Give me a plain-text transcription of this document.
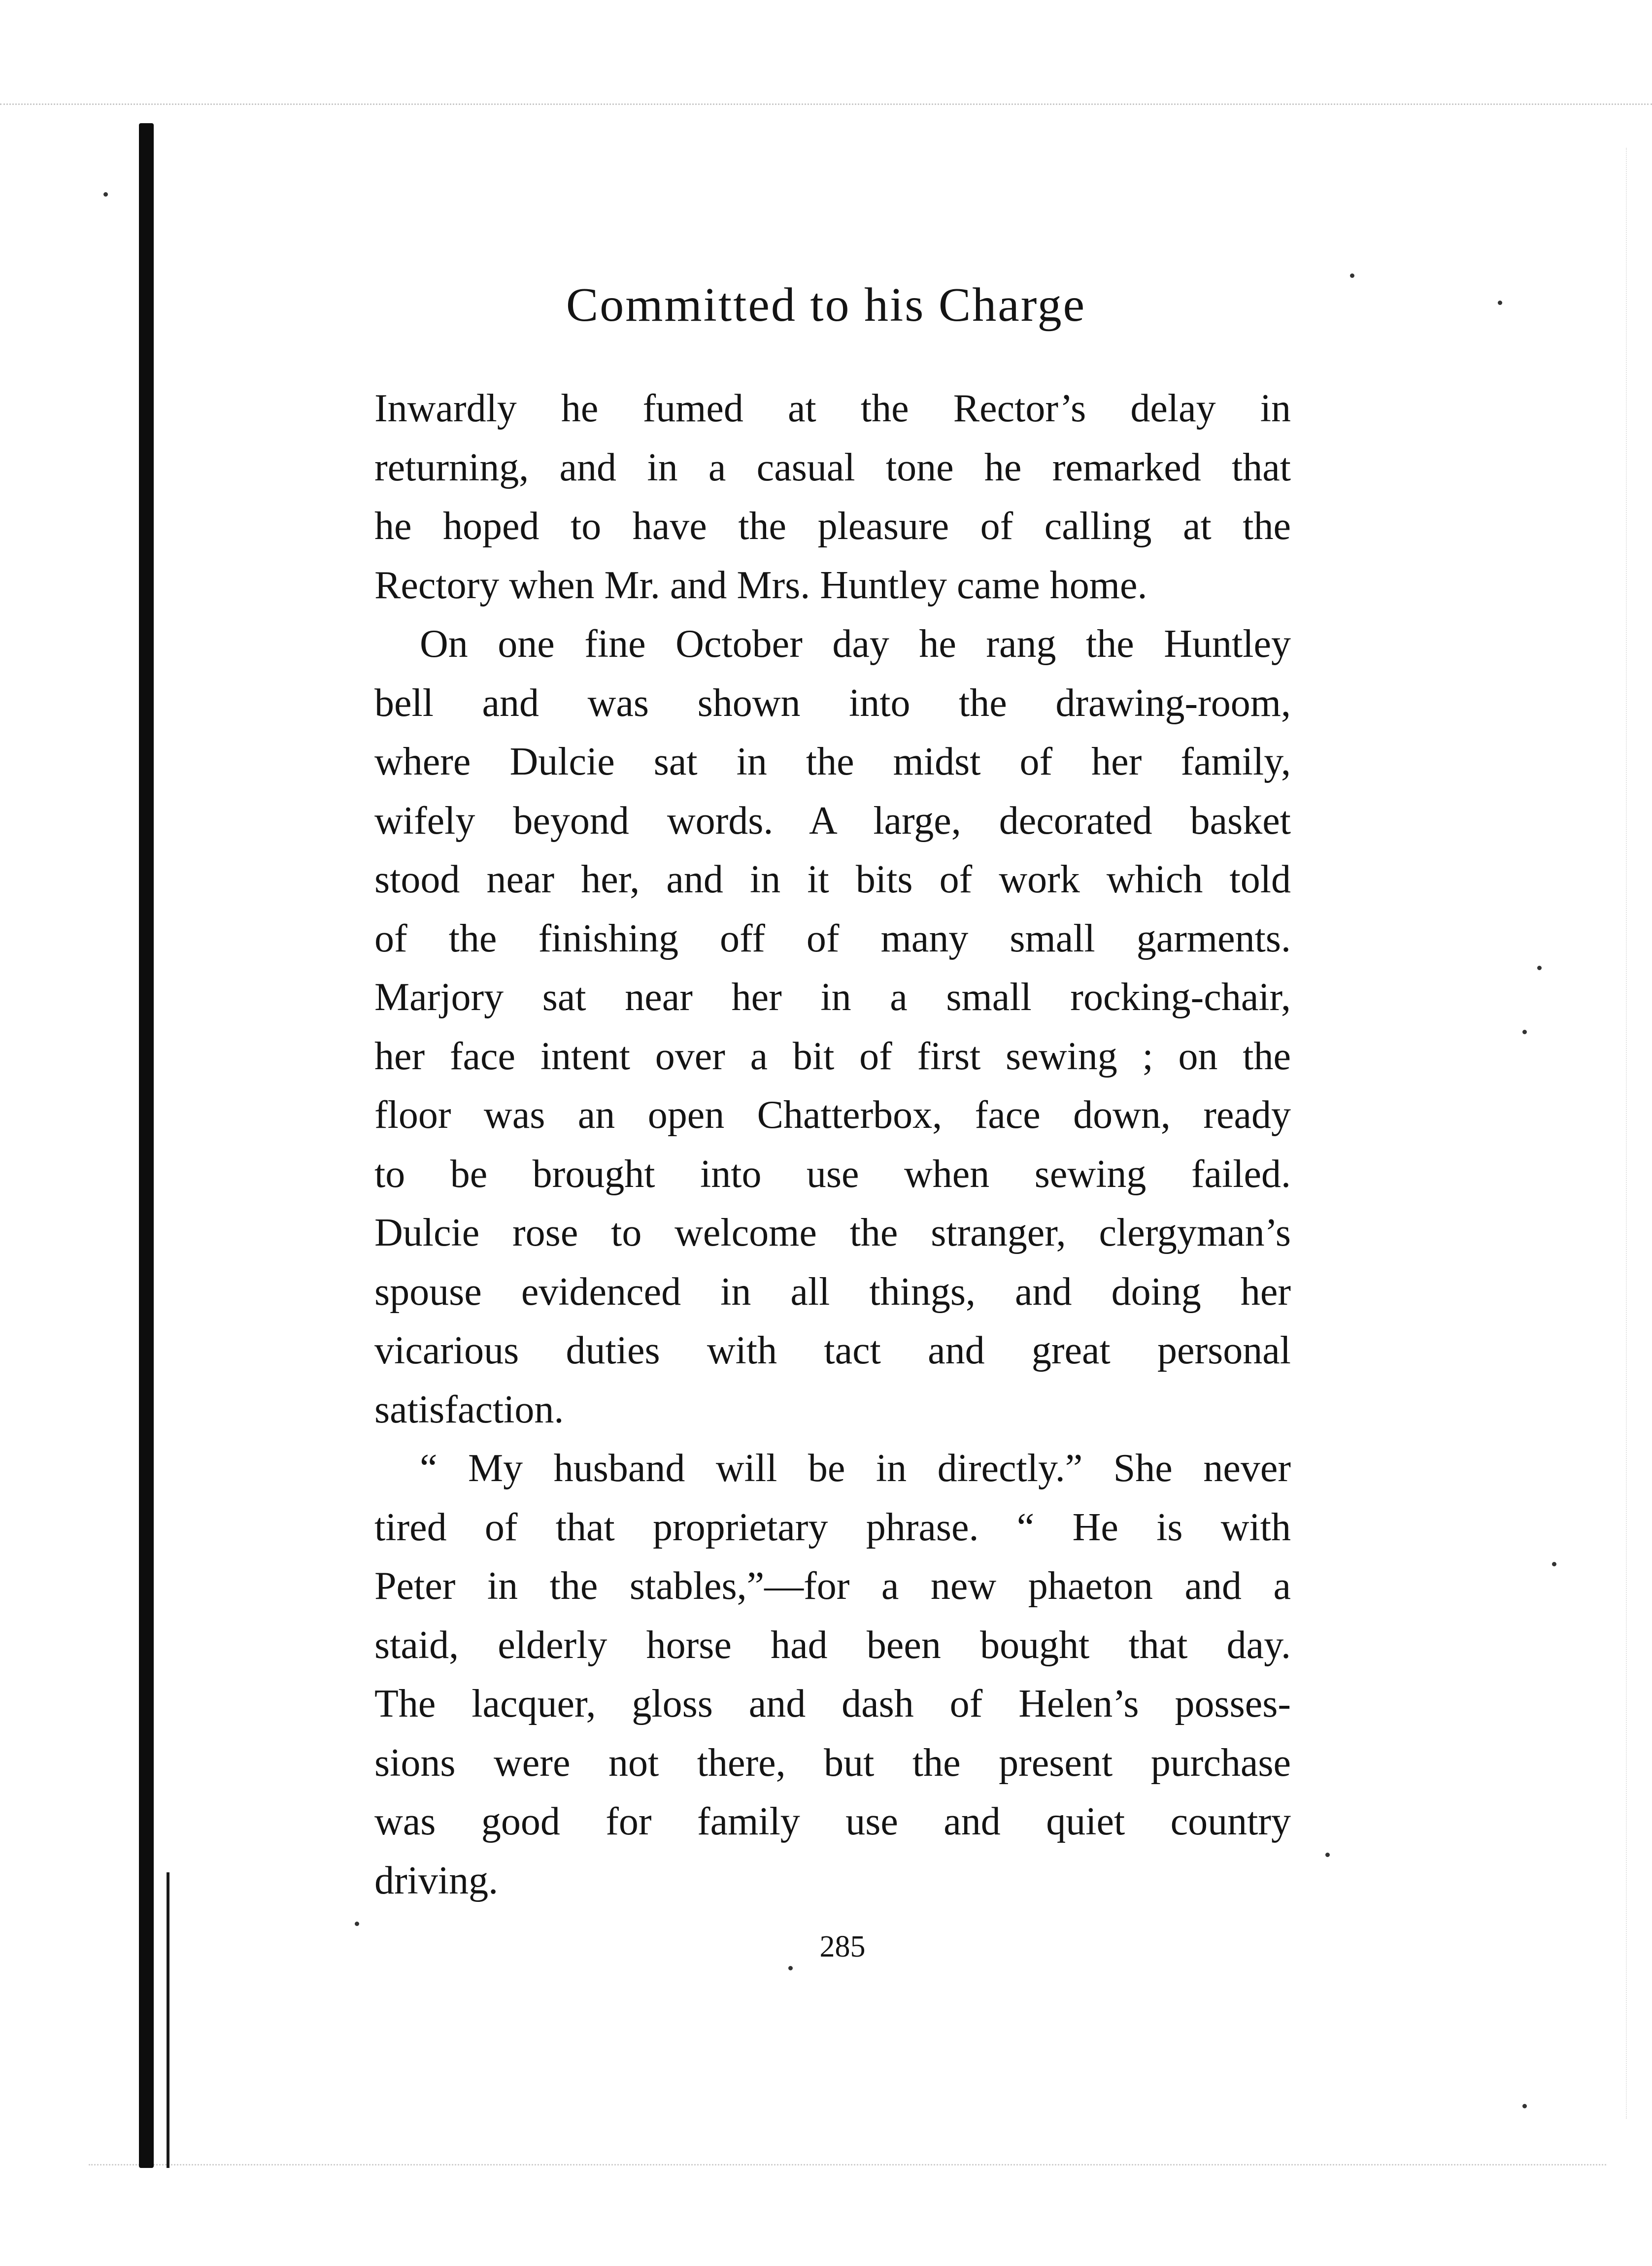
Committed to his Charge
Inwardly he fumed at the Rector’s delay in
returning, and in a casual tone he remarked that
he hoped to have the pleasure of calling at the
Rectory when Mr. and Mrs. Huntley came home.
On one fine October day he rang the Huntley
bell and was shown into the drawing-room,
where Dulcie sat in the midst of her family,
wifely beyond words. A large, decorated basket
stood near her, and in it bits of work which told
of the finishing off of many small garments.
Marjory sat near her in a small rocking-chair,
her face intent over a bit of first sewing ; on the
floor was an open Chatterbox, face down, ready
to be brought into use when sewing failed.
Dulcie rose to welcome the stranger, clergyman’s
spouse evidenced in all things, and doing her
vicarious duties with tact and great personal
satisfaction.
“ My husband will be in directly.” She never
tired of that proprietary phrase. “ He is with
Peter in the stables,”—for a new phaeton and a
staid, elderly horse had been bought that day.
The lacquer, gloss and dash of Helen’s posses-
sions were not there, but the present purchase
was good for family use and quiet country
driving.
285
